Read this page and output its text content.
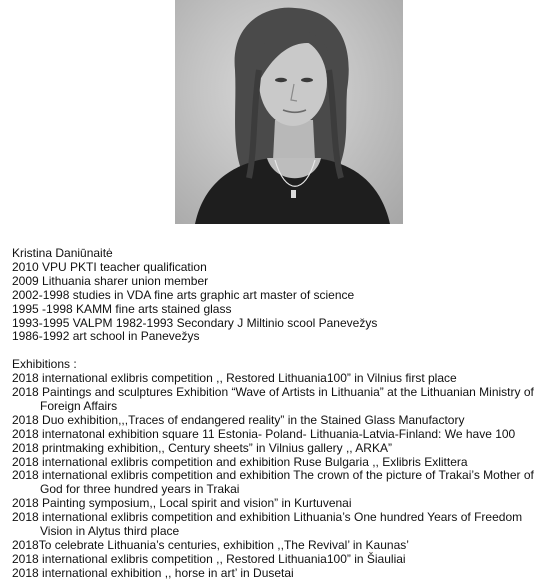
Kristina Daniūnaitė
2010 VPU PKTI teacher qualification
2009 Lithuania sharer union member
2002-1998 studies in VDA fine arts graphic art master of science
1995 -1998 KAMM fine arts stained glass
1993-1995 VALPM 1982-1993 Secondary J Miltinio scool Panevežys
1986-1992 art school in Panevežys
Exhibitions :
2018 international exlibris competition ,, Restored Lithuania100” in Vilnius first place
2018 Paintings and sculptures Exhibition “Wave of Artists in Lithuania” at the Lithuanian Ministry of Foreign Affairs
2018 Duo exhibition,,,Traces of endangered reality” in the Stained Glass Manufactory
2018 internatonal exhibition square 11 Estonia- Poland- Lithuania-Latvia-Finland: We have 100
2018 printmaking exhibition,, Century sheets” in Vilnius gallery ,, ARKA”
2018 international exlibris competition and exhibition Ruse Bulgaria ,, Exlibris Exlittera
2018 international exlibris competition and exhibition The crown of the picture of Trakai’s Mother of God for three hundred years in Trakai
2018 Painting symposium,, Local spirit and vision” in Kurtuvenai
2018 international exlibris competition and exhibition Lithuania’s One hundred Years of Freedom Vision in Alytus third place
2018To celebrate Lithuania’s centuries, exhibition ,,The Revival’ in Kaunas’
2018 international exlibris competition ,, Restored Lithuania100” in Šiauliai
2018 international exhibition ,, horse in art’ in Dusetai
